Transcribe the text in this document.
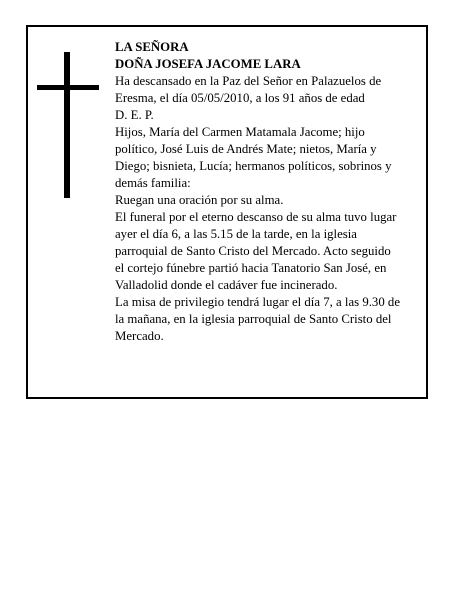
LA SEÑORA
DOÑA JOSEFA JACOME LARA
Ha descansado en la Paz del Señor en Palazuelos de
Eresma, el día 05/05/2010, a los 91 años de edad
D. E. P.
Hijos, María del Carmen Matamala Jacome; hijo
político, José Luis de Andrés Mate; nietos, María y
Diego; bisnieta, Lucía; hermanos políticos, sobrinos y
demás familia:
Ruegan una oración por su alma.
El funeral por el eterno descanso de su alma tuvo lugar
ayer el día 6, a las 5.15 de la tarde, en la iglesia
parroquial de Santo Cristo del Mercado. Acto seguido
el cortejo fúnebre partió hacia Tanatorio San José, en
Valladolid donde el cadáver fue incinerado.
La misa de privilegio tendrá lugar el día 7, a las 9.30 de
la mañana, en la iglesia parroquial de Santo Cristo del
Mercado.
